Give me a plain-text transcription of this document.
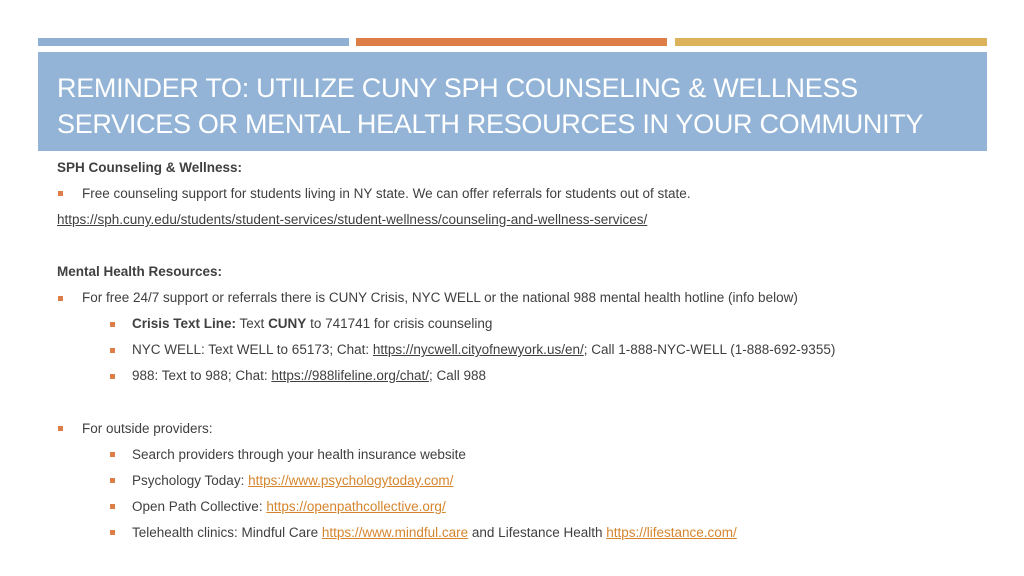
REMINDER TO: UTILIZE CUNY SPH COUNSELING & WELLNESS
SERVICES OR MENTAL HEALTH RESOURCES IN YOUR COMMUNITY
SPH Counseling & Wellness:
Free counseling support for students living in NY state. We can offer referrals for students out of state.
https://sph.cuny.edu/students/student-services/student-wellness/counseling-and-wellness-services/
Mental Health Resources:
For free 24/7 support or referrals there is CUNY Crisis, NYC WELL or the national 988 mental health hotline (info below)
Crisis Text Line: Text CUNY to 741741 for crisis counseling
NYC WELL: Text WELL to 65173; Chat: https://nycwell.cityofnewyork.us/en/; Call 1-888-NYC-WELL (1-888-692-9355)
988: Text to 988; Chat: https://988lifeline.org/chat/; Call 988
For outside providers:
Search providers through your health insurance website
Psychology Today: https://www.psychologytoday.com/
Open Path Collective: https://openpathcollective.org/
Telehealth clinics: Mindful Care https://www.mindful.care and Lifestance Health https://lifestance.com/
